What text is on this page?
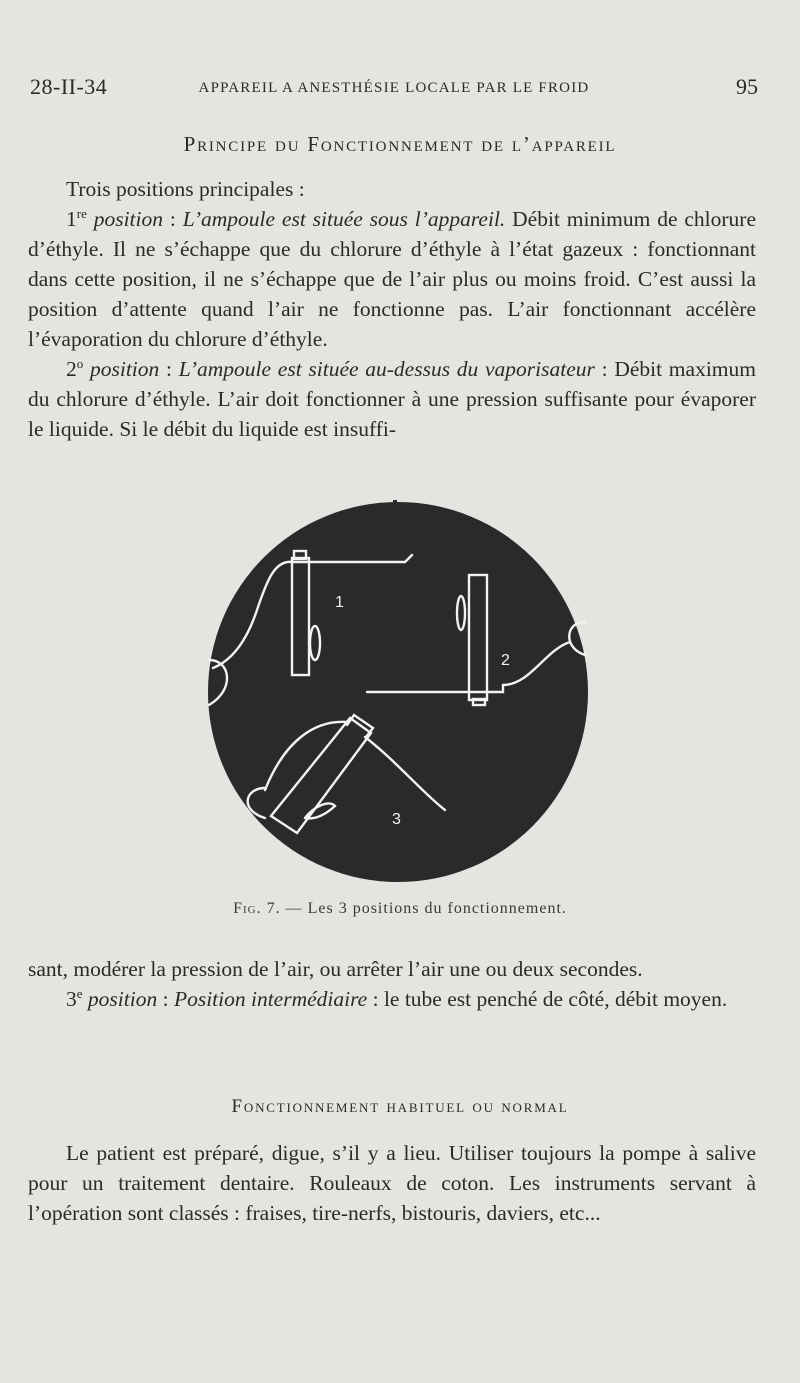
28-II-34	APPAREIL A ANESTHÉSIE LOCALE PAR LE FROID	95
Principe du Fonctionnement de l’appareil

Trois positions principales :

1re position : L’ampoule est située sous l’appareil. Débit minimum de chlorure d’éthyle. Il ne s’échappe que du chlorure d’éthyle à l’état gazeux : fonctionnant dans cette position, il ne s’échappe que de l’air plus ou moins froid. C’est aussi la position d’attente quand l’air ne fonctionne pas. L’air fonctionnant accélère l’évaporation du chlorure d’éthyle.

2$^o$ position : L’ampoule est située au-dessus du vaporisateur : Débit maximum du chlorure d’éthyle. L’air doit fonctionner à une pression suffisante pour évaporer le liquide. Si le débit du liquide est insuffi-

1
2
3
Fig. 7. — Les 3 positions du fonctionnement.

sant, modérer la pression de l’air, ou arrêter l’air une ou deux secondes.

3e position : Position intermédiaire : le tube est penché de côté, débit moyen.

Fonctionnement habituel ou normal

Le patient est préparé, digue, s’il y a lieu. Utiliser toujours la pompe à salive pour un traitement dentaire. Rouleaux de coton. Les instruments servant à l’opération sont classés : fraises, tire-nerfs, bistouris, daviers, etc...
